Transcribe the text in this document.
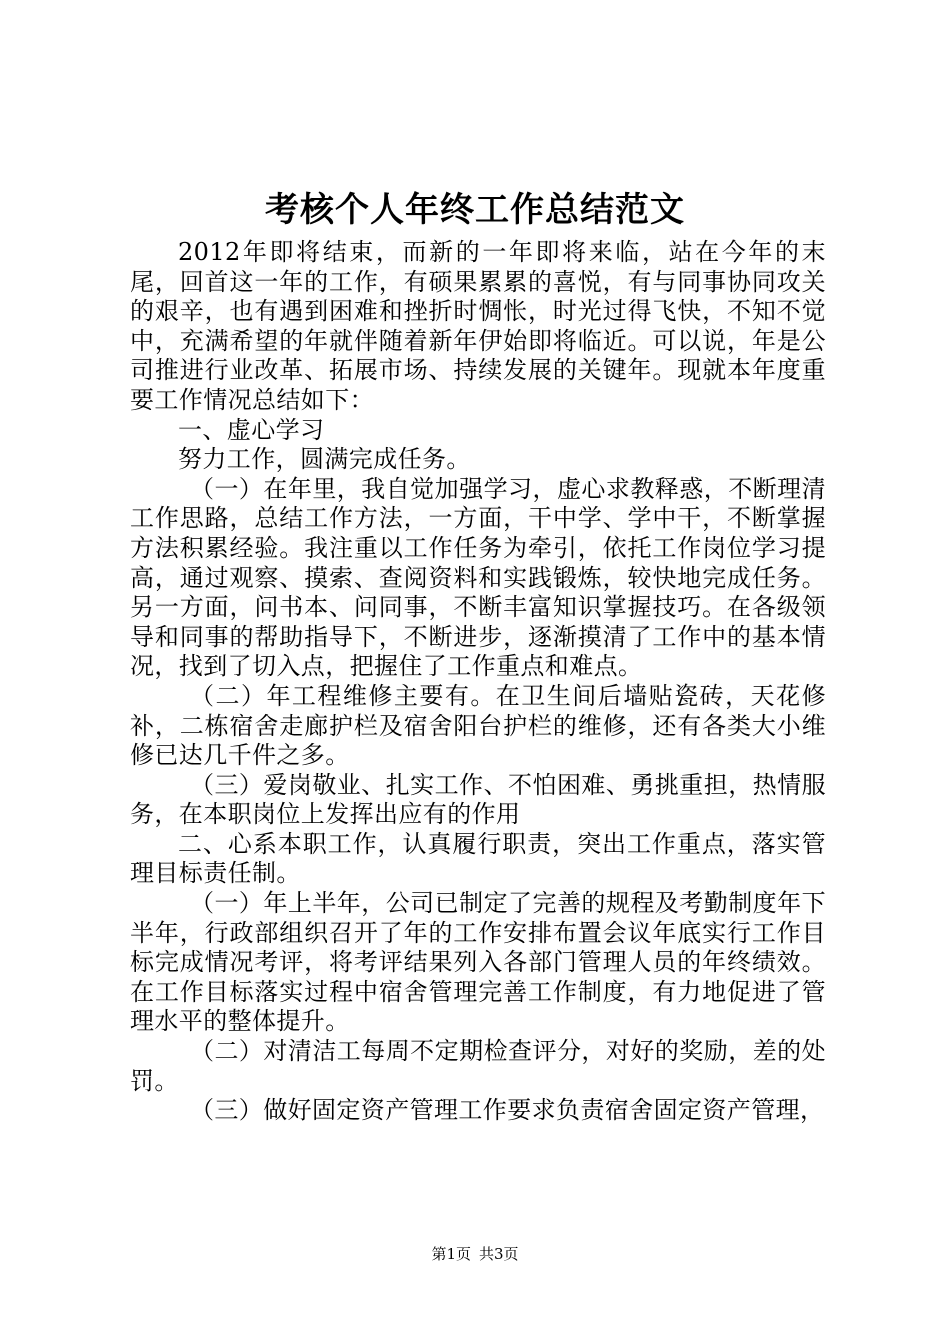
考核个人年终工作总结范文

2012年即将结束，而新的一年即将来临，站在今年的末尾，回首这一年的工作，有硕果累累的喜悦，有与同事协同攻关的艰辛，也有遇到困难和挫折时惆怅，时光过得飞快，不知不觉中，充满希望的年就伴随着新年伊始即将临近。可以说，年是公司推进行业改革、拓展市场、持续发展的关键年。现就本年度重要工作情况总结如下：

一、虚心学习

努力工作，圆满完成任务。

（一）在年里，我自觉加强学习，虚心求教释惑，不断理清工作思路，总结工作方法，一方面，干中学、学中干，不断掌握方法积累经验。我注重以工作任务为牵引，依托工作岗位学习提高，通过观察、摸索、查阅资料和实践锻炼，较快地完成任务。另一方面，问书本、问同事，不断丰富知识掌握技巧。在各级领导和同事的帮助指导下，不断进步，逐渐摸清了工作中的基本情况，找到了切入点，把握住了工作重点和难点。

（二）年工程维修主要有。在卫生间后墙贴瓷砖，天花修补，二栋宿舍走廊护栏及宿舍阳台护栏的维修，还有各类大小维修已达几千件之多。

（三）爱岗敬业、扎实工作、不怕困难、勇挑重担，热情服务，在本职岗位上发挥出应有的作用

二、心系本职工作，认真履行职责，突出工作重点，落实管理目标责任制。

（一）年上半年，公司已制定了完善的规程及考勤制度年下半年，行政部组织召开了年的工作安排布置会议年底实行工作目标完成情况考评，将考评结果列入各部门管理人员的年终绩效。在工作目标落实过程中宿舍管理完善工作制度，有力地促进了管理水平的整体提升。

（二）对清洁工每周不定期检查评分，对好的奖励，差的处罚。

（三）做好固定资产管理工作要求负责宿舍固定资产管理，

第1页 共3页
